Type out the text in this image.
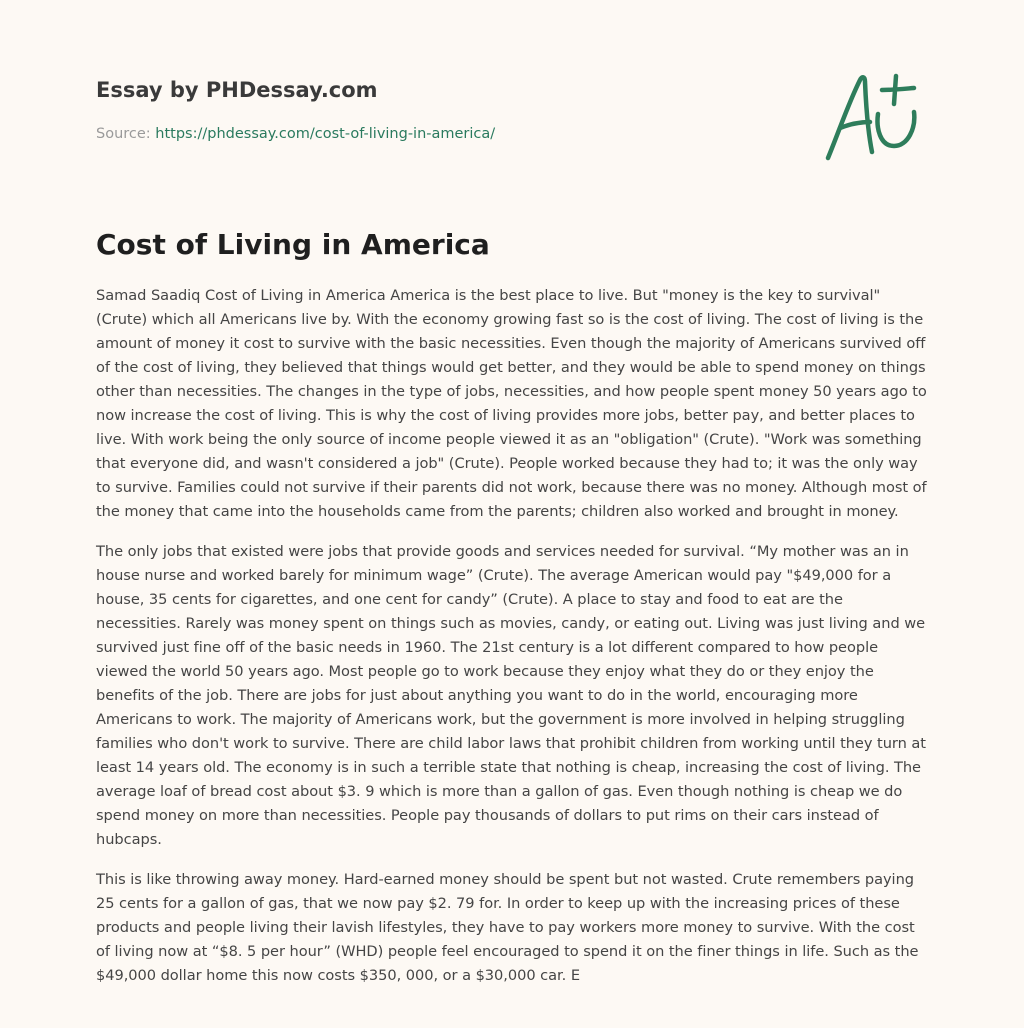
Essay by PHDessay.com
Source: https://phdessay.com/cost-of-living-in-america/
Cost of Living in America

Samad Saadiq Cost of Living in America America is the best place to live. But "money is the key to survival" (Crute) which all Americans live by. With the economy growing fast so is the cost of living. The cost of living is the amount of money it cost to survive with the basic necessities. Even though the majority of Americans survived off of the cost of living, they believed that things would get better, and they would be able to spend money on things other than necessities. The changes in the type of jobs, necessities, and how people spent money 50 years ago to now increase the cost of living. This is why the cost of living provides more jobs, better pay, and better places to live. With work being the only source of income people viewed it as an "obligation" (Crute). "Work was something that everyone did, and wasn't considered a job" (Crute). People worked because they had to; it was the only way to survive. Families could not survive if their parents did not work, because there was no money. Although most of the money that came into the households came from the parents; children also worked and brought in money.

The only jobs that existed were jobs that provide goods and services needed for survival. “My mother was an in house nurse and worked barely for minimum wage” (Crute). The average American would pay "$49,000 for a house, 35 cents for cigarettes, and one cent for candy” (Crute). A place to stay and food to eat are the necessities. Rarely was money spent on things such as movies, candy, or eating out. Living was just living and we survived just fine off of the basic needs in 1960. The 21st century is a lot different compared to how people viewed the world 50 years ago. Most people go to work because they enjoy what they do or they enjoy the benefits of the job. There are jobs for just about anything you want to do in the world, encouraging more Americans to work. The majority of Americans work, but the government is more involved in helping struggling families who don't work to survive. There are child labor laws that prohibit children from working until they turn at least 14 years old. The economy is in such a terrible state that nothing is cheap, increasing the cost of living. The average loaf of bread cost about $3. 9 which is more than a gallon of gas. Even though nothing is cheap we do spend money on more than necessities. People pay thousands of dollars to put rims on their cars instead of hubcaps.

This is like throwing away money. Hard-earned money should be spent but not wasted. Crute remembers paying 25 cents for a gallon of gas, that we now pay $2. 79 for. In order to keep up with the increasing prices of these products and people living their lavish lifestyles, they have to pay workers more money to survive. With the cost of living now at “$8. 5 per hour” (WHD) people feel encouraged to spend it on the finer things in life. Such as the $49,000 dollar home this now costs $350, 000, or a $30,000 car. E
